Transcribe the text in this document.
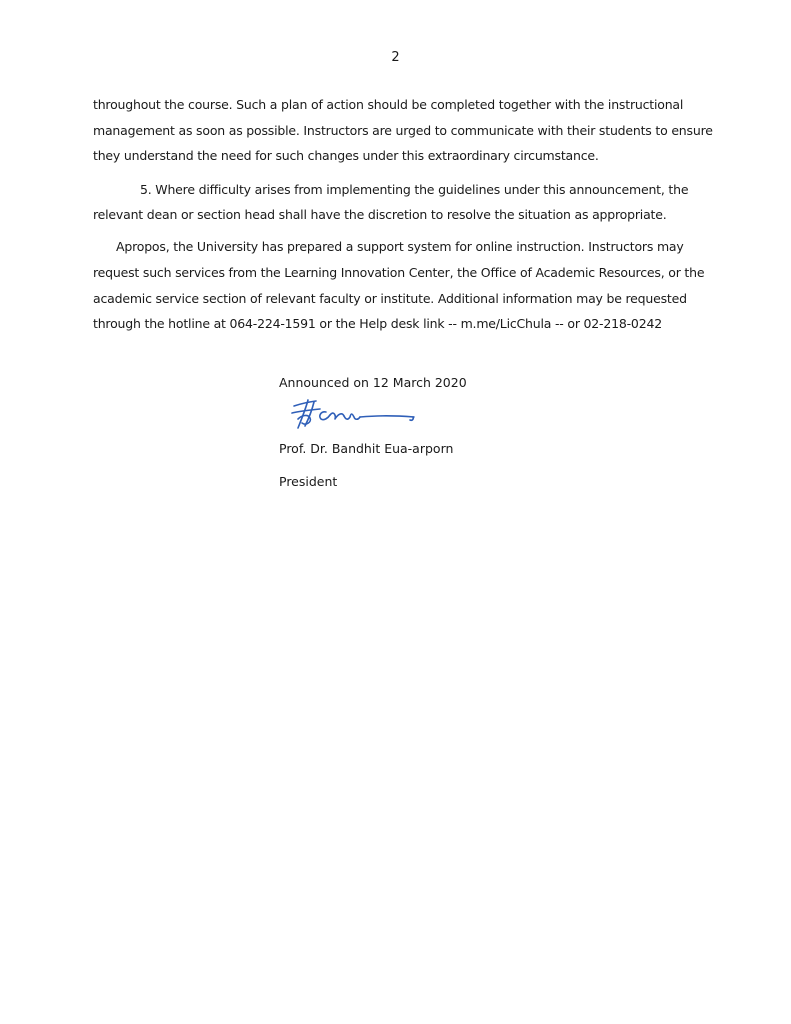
2
throughout the course. Such a plan of action should be completed together with the instructional
management as soon as possible. Instructors are urged to communicate with their students to ensure
they understand the need for such changes under this extraordinary circumstance.
5. Where difficulty arises from implementing the guidelines under this announcement, the
relevant dean or section head shall have the discretion to resolve the situation as appropriate.
Apropos, the University has prepared a support system for online instruction. Instructors may
request such services from the Learning Innovation Center, the Office of Academic Resources, or the
academic service section of relevant faculty or institute. Additional information may be requested
through the hotline at 064-224-1591 or the Help desk link -- m.me/LicChula -- or 02-218-0242
Announced on 12 March 2020
Prof. Dr. Bandhit Eua-arporn
President
